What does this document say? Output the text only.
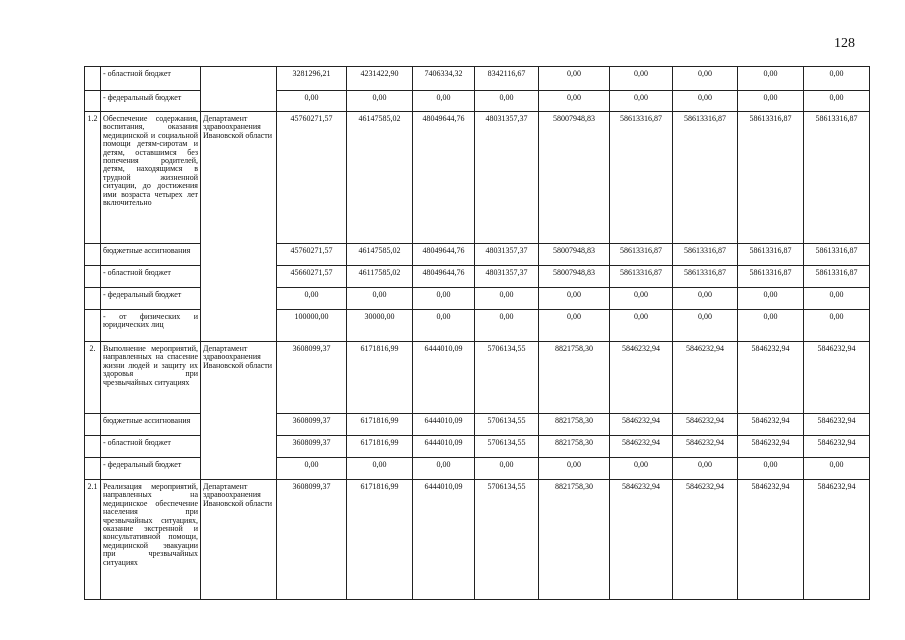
128
	- областной бюджет		3281296,21	4231422,90	7406334,32	8342116,67	0,00	0,00	0,00	0,00	0,00
	- федеральный бюджет		0,00	0,00	0,00	0,00	0,00	0,00	0,00	0,00	0,00
1.2	Обеспечение содержания, воспитания, оказания медицинской и социальной помощи детям-сиротам и детям, оставшимся без попечения родителей, детям, находящимся в трудной жизненной ситуации, до достижения ими возраста четырех лет включительно	Департамент здравоохранения Ивановской области	45760271,57	46147585,02	48049644,76	48031357,37	58007948,83	58613316,87	58613316,87	58613316,87	58613316,87
	бюджетные ассигнования		45760271,57	46147585,02	48049644,76	48031357,37	58007948,83	58613316,87	58613316,87	58613316,87	58613316,87
	- областной бюджет		45660271,57	46117585,02	48049644,76	48031357,37	58007948,83	58613316,87	58613316,87	58613316,87	58613316,87
	- федеральный бюджет		0,00	0,00	0,00	0,00	0,00	0,00	0,00	0,00	0,00
	- от физических и юридических лиц		100000,00	30000,00	0,00	0,00	0,00	0,00	0,00	0,00	0,00
2.	Выполнение мероприятий, направленных на спасение жизни людей и защиту их здоровья при чрезвычайных ситуациях	Департамент здравоохранения Ивановской области	3608099,37	6171816,99	6444010,09	5706134,55	8821758,30	5846232,94	5846232,94	5846232,94	5846232,94
	бюджетные ассигнования		3608099,37	6171816,99	6444010,09	5706134,55	8821758,30	5846232,94	5846232,94	5846232,94	5846232,94
	- областной бюджет		3608099,37	6171816,99	6444010,09	5706134,55	8821758,30	5846232,94	5846232,94	5846232,94	5846232,94
	- федеральный бюджет		0,00	0,00	0,00	0,00	0,00	0,00	0,00	0,00	0,00
2.1	Реализация мероприятий, направленных на медицинское обеспечение населения при чрезвычайных ситуациях, оказание экстренной и консультативной помощи, медицинской эвакуации при чрезвычайных ситуациях	Департамент здравоохранения Ивановской области	3608099,37	6171816,99	6444010,09	5706134,55	8821758,30	5846232,94	5846232,94	5846232,94	5846232,94
